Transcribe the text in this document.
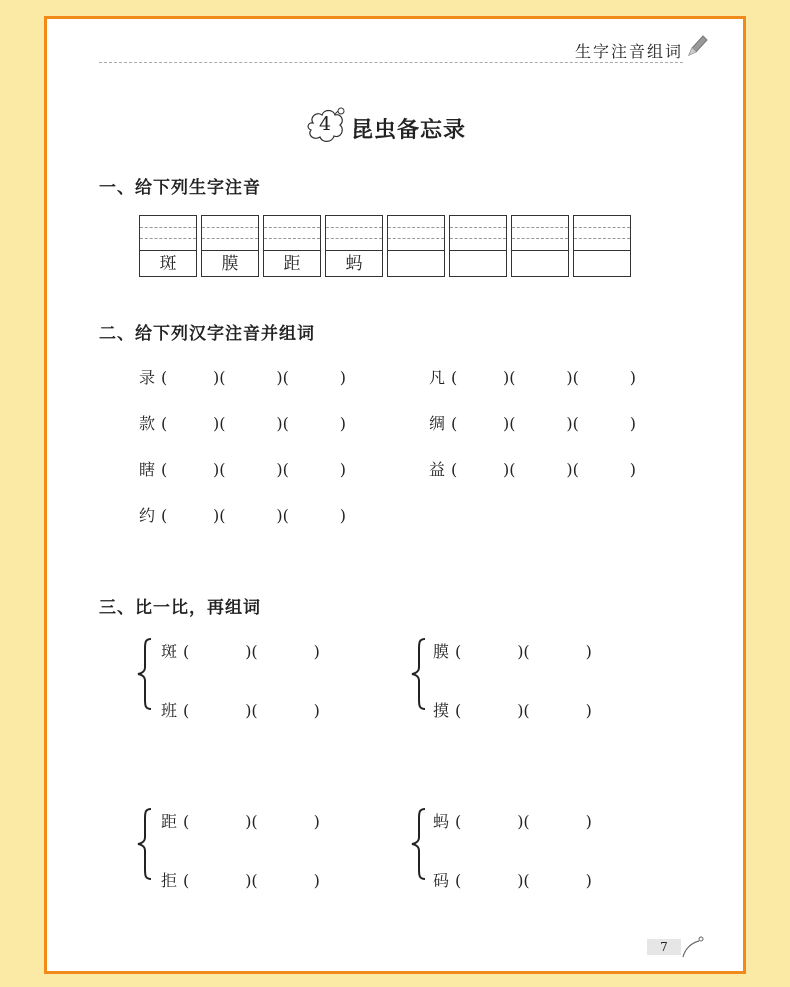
生字注音组词
4 昆虫备忘录
一、给下列生字注音
斑	膜	距	蚂
二、给下列汉字注音并组词
录 (         )(          )(          )	凡 (         )(          )(          )
款 (         )(          )(          )	绸 (         )(          )(          )
瞎 (         )(          )(          )	益 (         )(          )(          )
约 (         )(          )(          )
三、比一比，再组词
斑 (           )(           )
班 (           )(           )
膜 (           )(           )
摸 (           )(           )
距 (           )(           )
拒 (           )(           )
蚂 (           )(           )
码 (           )(           )
7
